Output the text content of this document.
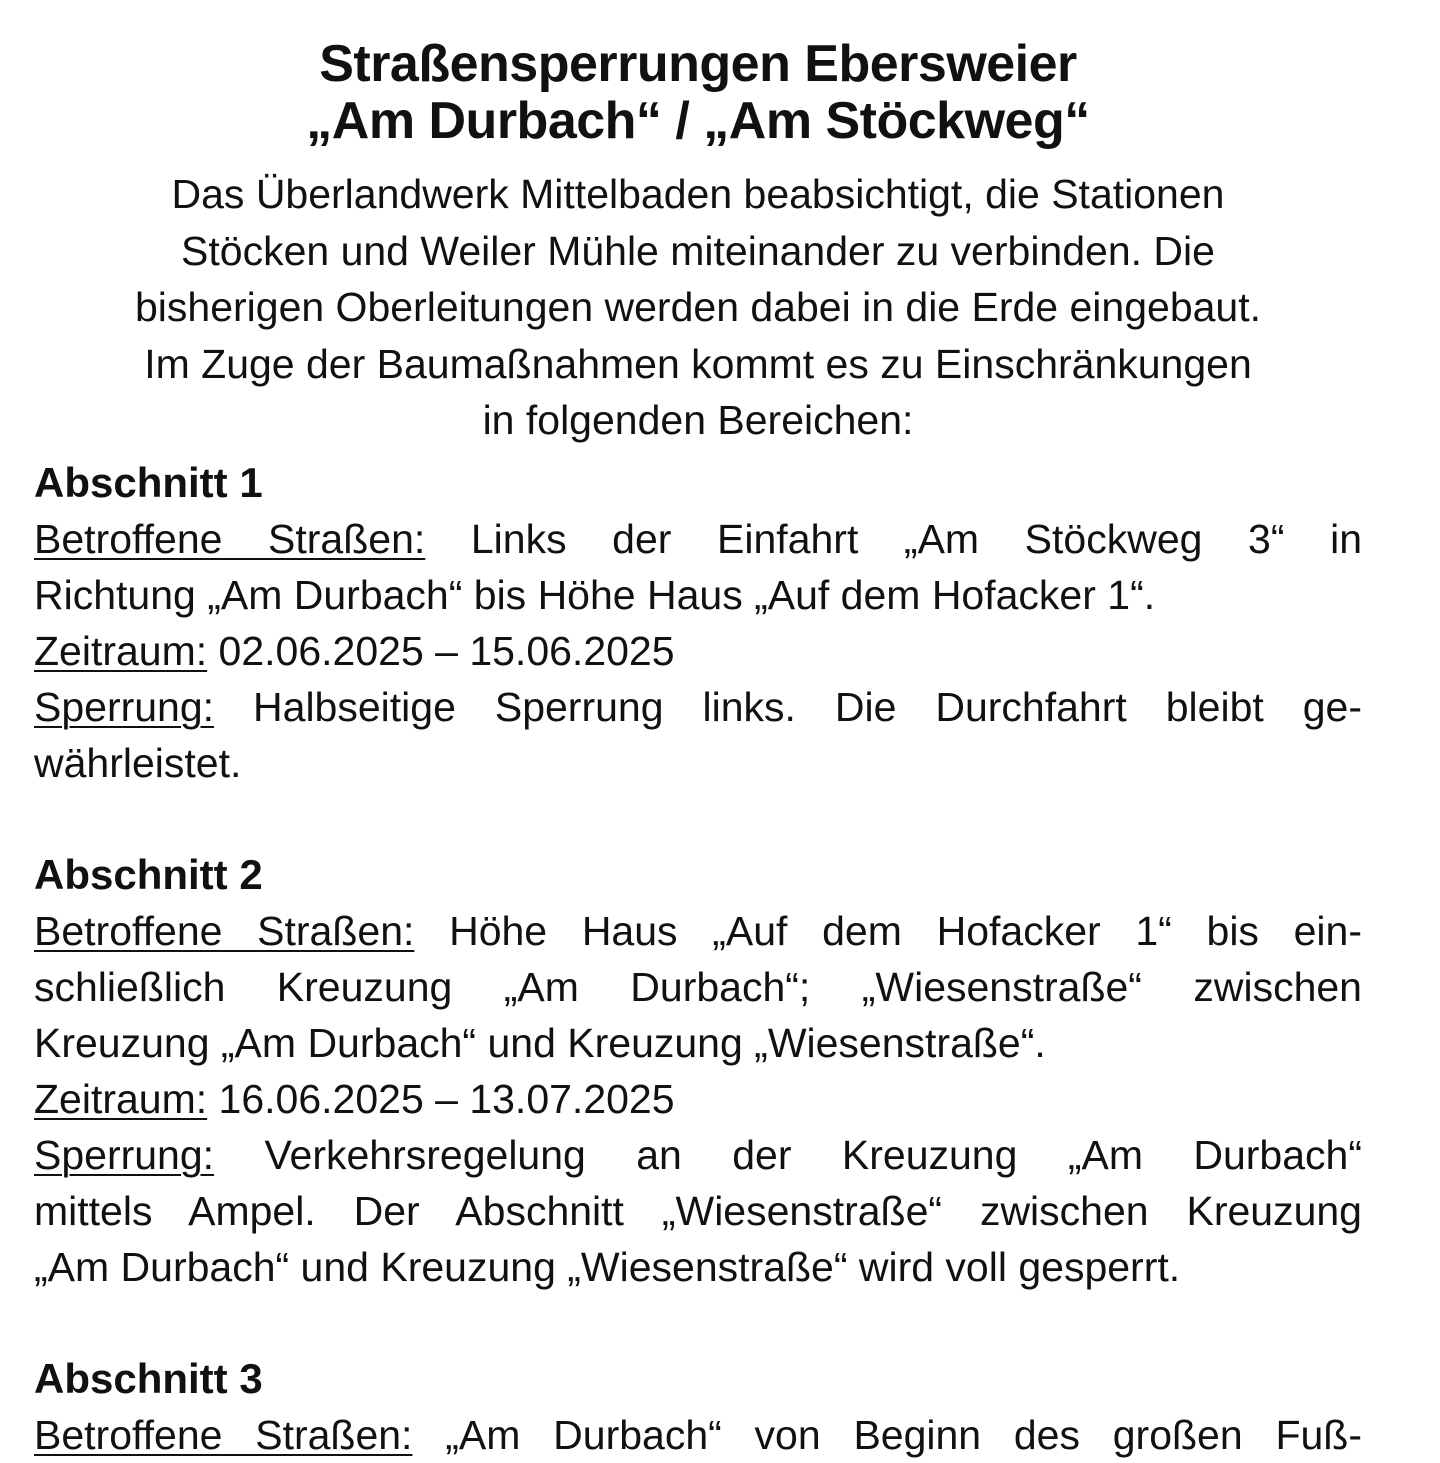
Straßensperrungen Ebersweier
„Am Durbach“ / „Am Stöckweg“

Das Überlandwerk Mittelbaden beabsichtigt, die Stationen
Stöcken und Weiler Mühle miteinander zu verbinden. Die
bisherigen Oberleitungen werden dabei in die Erde eingebaut.
Im Zuge der Baumaßnahmen kommt es zu Einschränkungen
in folgenden Bereichen:

Abschnitt 1

Betroffene Straßen: Links der Einfahrt „Am Stöckweg 3“ in
Richtung „Am Durbach“ bis Höhe Haus „Auf dem Hofacker 1“.

Zeitraum: 02.06.2025 – 15.06.2025

Sperrung: Halbseitige Sperrung links. Die Durchfahrt bleibt ge-
währleistet.

Abschnitt 2

Betroffene Straßen: Höhe Haus „Auf dem Hofacker 1“ bis ein-
schließlich Kreuzung „Am Durbach“; „Wiesenstraße“ zwischen
Kreuzung „Am Durbach“ und Kreuzung „Wiesenstraße“.

Zeitraum: 16.06.2025 – 13.07.2025

Sperrung: Verkehrsregelung an der Kreuzung „Am Durbach“
mittels Ampel. Der Abschnitt „Wiesenstraße“ zwischen Kreuzung
„Am Durbach“ und Kreuzung „Wiesenstraße“ wird voll gesperrt.

Abschnitt 3

Betroffene Straßen: „Am Durbach“ von Beginn des großen Fuß-
